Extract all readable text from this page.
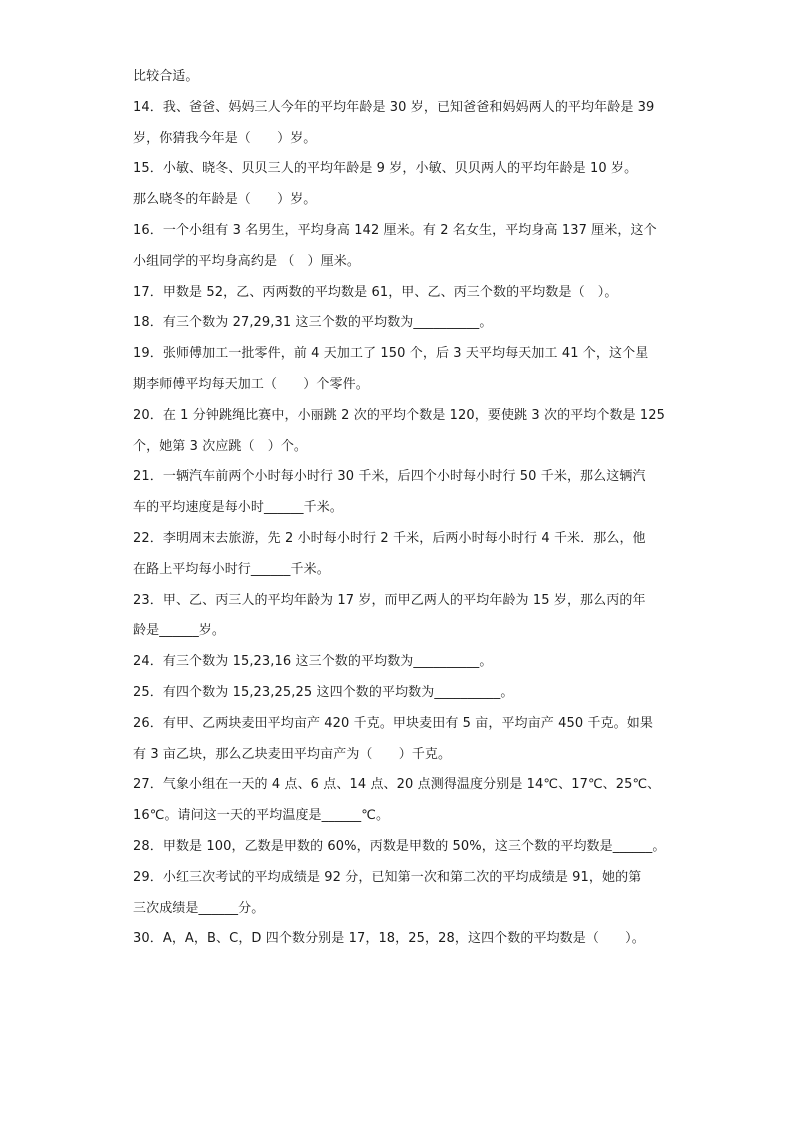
比较合适。
14．我、爸爸、妈妈三人今年的平均年龄是 30 岁，已知爸爸和妈妈两人的平均年龄是 39
岁，你猜我今年是（　　）岁。
15．小敏、晓冬、贝贝三人的平均年龄是 9 岁，小敏、贝贝两人的平均年龄是 10 岁。
那么晓冬的年龄是（　　）岁。
16．一个小组有 3 名男生，平均身高 142 厘米。有 2 名女生，平均身高 137 厘米，这个
小组同学的平均身高约是 （　）厘米。
17．甲数是 52，乙、丙两数的平均数是 61，甲、乙、丙三个数的平均数是（　）。
18．有三个数为 27,29,31 这三个数的平均数为__________。
19．张师傅加工一批零件，前 4 天加工了 150 个，后 3 天平均每天加工 41 个，这个星
期李师傅平均每天加工（　　）个零件。
20．在 1 分钟跳绳比赛中，小丽跳 2 次的平均个数是 120，要使跳 3 次的平均个数是 125
个，她第 3 次应跳（　）个。
21．一辆汽车前两个小时每小时行 30 千米，后四个小时每小时行 50 千米，那么这辆汽
车的平均速度是每小时______千米。
22．李明周末去旅游，先 2 小时每小时行 2 千米，后两小时每小时行 4 千米．那么，他
在路上平均每小时行______千米。
23．甲、乙、丙三人的平均年龄为 17 岁，而甲乙两人的平均年龄为 15 岁，那么丙的年
龄是______岁。
24．有三个数为 15,23,16 这三个数的平均数为__________。
25．有四个数为 15,23,25,25 这四个数的平均数为__________。
26．有甲、乙两块麦田平均亩产 420 千克。甲块麦田有 5 亩，平均亩产 450 千克。如果
有 3 亩乙块，那么乙块麦田平均亩产为（　　）千克。
27．气象小组在一天的 4 点、6 点、14 点、20 点测得温度分别是 14℃、17℃、25℃、
16℃。请问这一天的平均温度是______℃。
28．甲数是 100，乙数是甲数的 60%，丙数是甲数的 50%，这三个数的平均数是______。
29．小红三次考试的平均成绩是 92 分，已知第一次和第二次的平均成绩是 91，她的第
三次成绩是______分。
30．A，A，B、C，D 四个数分别是 17，18，25，28，这四个数的平均数是（　　）。
